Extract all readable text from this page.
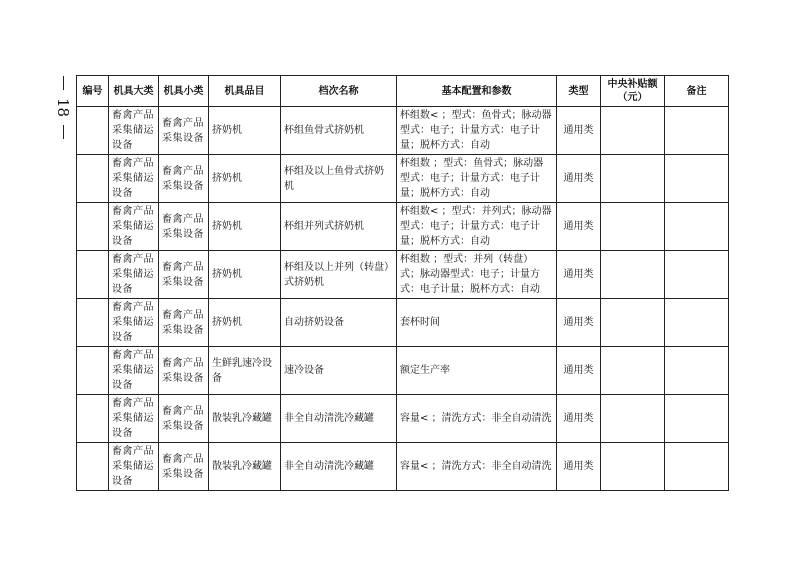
18
编号	机具大类	机具小类	机具品目	档次名称	基本配置和参数	类型	中央补贴额（元）	备注
	畜禽产品采集储运设备	畜禽产品采集设备	挤奶机	杯组鱼骨式挤奶机	杯组数< ；型式：鱼骨式；脉动器型式：电子；计量方式：电子计量；脱杯方式：自动	通用类		
	畜禽产品采集储运设备	畜禽产品采集设备	挤奶机	杯组及以上鱼骨式挤奶机	杯组数 ；型式：鱼骨式；脉动器型式：电子；计量方式：电子计量；脱杯方式：自动	通用类		
	畜禽产品采集储运设备	畜禽产品采集设备	挤奶机	杯组并列式挤奶机	杯组数< ；型式：并列式；脉动器型式：电子；计量方式：电子计量；脱杯方式：自动	通用类		
	畜禽产品采集储运设备	畜禽产品采集设备	挤奶机	杯组及以上并列（转盘）式挤奶机	杯组数 ；型式：并列（转盘）式；脉动器型式：电子；计量方式：电子计量；脱杯方式：自动	通用类		
	畜禽产品采集储运设备	畜禽产品采集设备	挤奶机	自动挤奶设备	套杯时间	通用类		
	畜禽产品采集储运设备	畜禽产品采集设备	生鲜乳速冷设备	速冷设备	额定生产率	通用类		
	畜禽产品采集储运设备	畜禽产品采集设备	散装乳冷藏罐	非全自动清洗冷藏罐	容量< ；清洗方式：非全自动清洗	通用类		
	畜禽产品采集储运设备	畜禽产品采集设备	散装乳冷藏罐	非全自动清洗冷藏罐	容量< ；清洗方式：非全自动清洗	通用类		
